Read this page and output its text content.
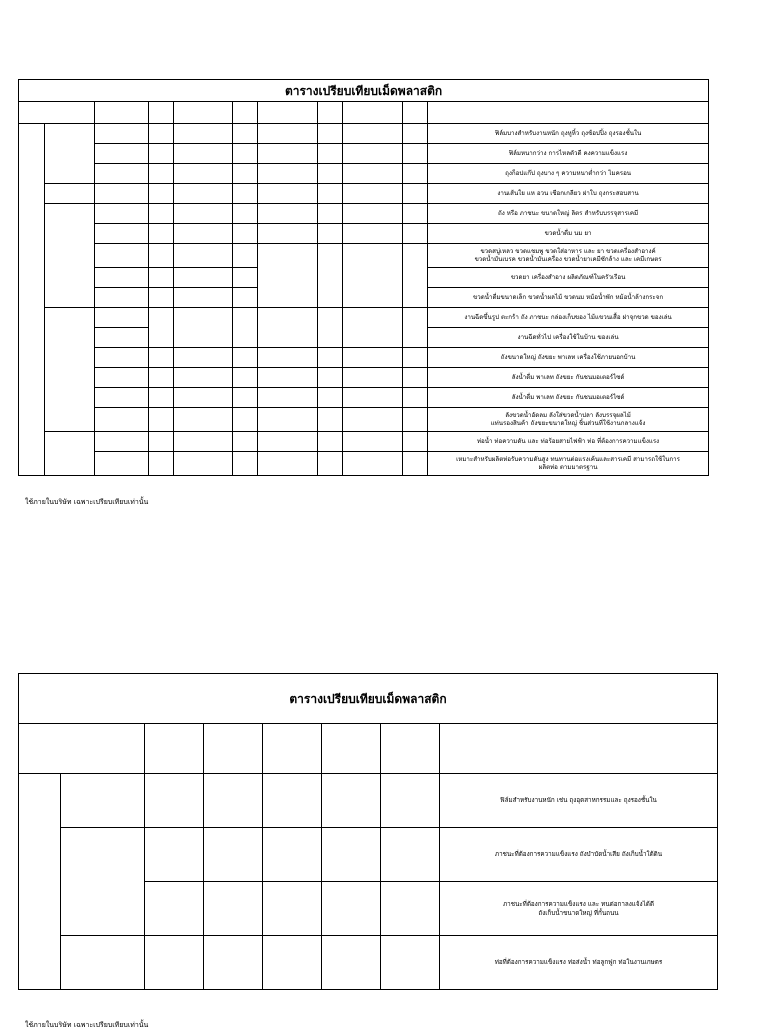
ตารางเปรียบเทียบเม็ดพลาสติก										

										ฟิล์มบางสำหรับงานหนัก ถุงหูหิ้ว ถุงช้อปปิ้ง ถุงรองชั้นใน
										ฟิล์มหนากว่าง การไหลตัวดี คงความแข็งแรง
										ถุงก็อปแก๊ป ถุงบาง ๆ ความหนาต่ำกว่า ไมครอน
										งานเส้นใย แห อวน เชือกเกลียว ฝาใบ ถุงกระสอบสาน
										ถัง หรือ ภาชนะ ขนาดใหญ่ ลิตร สำหรับบรรจุสารเคมี
										ขวดน้ำดื่ม นม ยา
										ขวดสบู่เหลว ขวดแชมพู ขวดใส่อาหาร และ ยา ขวดเครื่องสำอางค์
ขวดน้ำมันเบรค ขวดน้ำมันเครื่อง ขวดน้ำยาเคมีซักล้าง และ เคมีเกษตร
										ขวดยา เครื่องสำอาง ผลิตภัณฑ์ในครัวเรือน
										ขวดน้ำดื่มขนาดเล็ก ขวดน้ำผลไม้ ขวดนม หม้อน้ำพัก หม้อน้ำล้างกระจก
										งานฉีดขึ้นรูป ตะกร้า ถัง ภาชนะ กล่องเก็บของ ไม้แขวนเสื้อ ฝาจุกขวด ของเล่น
										งานฉีดทั่วไป เครื่องใช้ในบ้าน ของเล่น
										ถังขนาดใหญ่ ถังขยะ พาเลท เครื่องใช้ภายนอกบ้าน
										ลังน้ำดื่ม พาเลท ถังขยะ กันชนมอเตอร์ไซด์
										ลังน้ำดื่ม พาเลท ถังขยะ กันชนมอเตอร์ไซด์
										ลังขวดน้ำอัดลม ลังใส่ขวดน้ำปลา ลังบรรจุผลไม้
แท่นรองสินค้า ถังขยะขนาดใหญ่ ชิ้นส่วนที่ใช้งานกลางแจ้ง
										ท่อน้ำ ท่อความดัน และ ท่อร้อยสายไฟฟ้า ท่อ ที่ต้องการความแข็งแรง
										เหมาะสำหรับผลิตท่อรับความดันสูง ทนทานต่อแรงเค้นและสารเคมี สามารถใช้ในการ
ผลิตท่อ ตามมาตรฐาน
ใช้ภายในบริษัท เฉพาะเปรียบเทียบเท่านั้น
ตารางเปรียบเทียบเม็ดพลาสติก							

							ฟิล์มสำหรับงานหนัก เช่น ถุงอุตสาหกรรมและ ถุงรองชั้นใน
							ภาชนะที่ต้องการความแข็งแรง ถังบำบัดน้ำเสีย ถังเก็บน้ำใต้ดิน
							ภาชนะที่ต้องการความแข็งแรง และ ทนต่อกาลงแจ้งได้ดี
ถังเก็บน้ำขนาดใหญ่ ที่กั้นถนน
							ท่อที่ต้องการความแข็งแรง ท่อส่งน้ำ ท่อลูกฟูก ท่อในงานเกษตร
ใช้ภายในบริษัท เฉพาะเปรียบเทียบเท่านั้น
